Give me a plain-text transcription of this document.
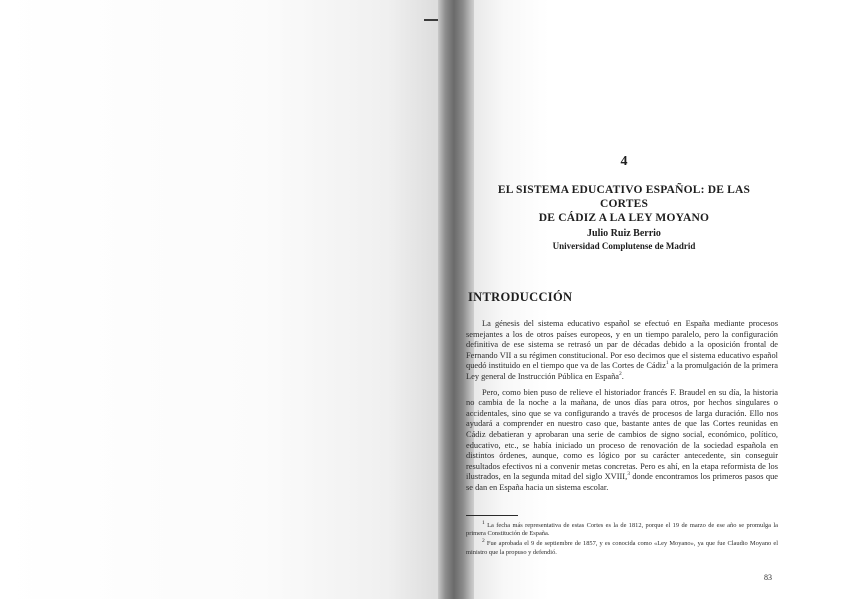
4
EL SISTEMA EDUCATIVO ESPAÑOL: DE LAS CORTES
DE CÁDIZ A LA LEY MOYANO
Julio Ruiz Berrio
Universidad Complutense de Madrid
INTRODUCCIÓN

La génesis del sistema educativo español se efectuó en España mediante procesos semejantes a los de otros países europeos, y en un tiempo paralelo, pero la configuración definitiva de ese sistema se retrasó un par de décadas debido a la oposición frontal de Fernando VII a su régimen constitucional. Por eso decimos que el sistema educativo español quedó instituido en el tiempo que va de las Cortes de Cádiz$^1$ a la promulgación de la primera Ley general de Instrucción Pública en España$^2$.

Pero, como bien puso de relieve el historiador francés F. Braudel en su día, la historia no cambia de la noche a la mañana, de unos días para otros, por hechos singulares o accidentales, sino que se va configurando a través de procesos de larga duración. Ello nos ayudará a comprender en nuestro caso que, bastante antes de que las Cortes reunidas en Cádiz debatieran y aprobaran una serie de cambios de signo social, económico, político, educativo, etc., se había iniciado un proceso de renovación de la sociedad española en distintos órdenes, aunque, como es lógico por su carácter antecedente, sin conseguir resultados efectivos ni a convenir metas concretas. Pero es ahí, en la etapa reformista de los ilustrados, en la segunda mitad del siglo XVIII,$^3$ donde encontramos los primeros pasos que se dan en España hacia un sistema escolar.

$^1$ La fecha más representativa de estas Cortes es la de 1812, porque el 19 de marzo de ese año se promulga la primera Constitución de España.

$^2$ Fue aprobada el 9 de septiembre de 1857, y es conocida como «Ley Moyano», ya que fue Claudio Moyano el ministro que la propuso y defendió.

83
